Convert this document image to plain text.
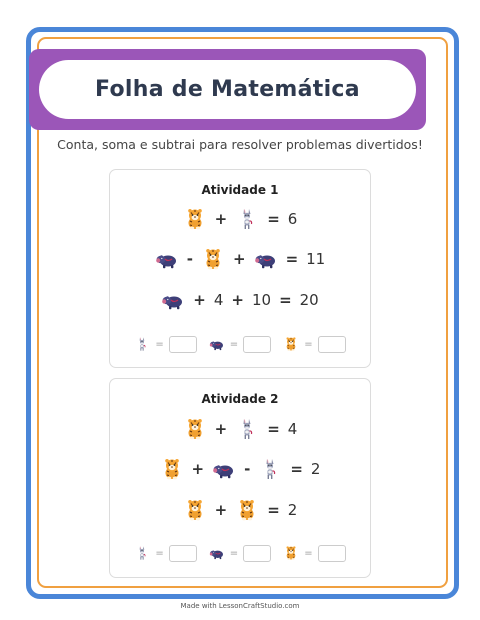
Folha de Matemática
Conta, soma e subtrai para resolver problemas divertidos!
Atividade 1
+	= 6
-	+	= 11
+ 4 + 10 = 20
=	=	=
Atividade 2
+	= 4
+	-	= 2
+	= 2
=	=	=
Made with LessonCraftStudio.com
